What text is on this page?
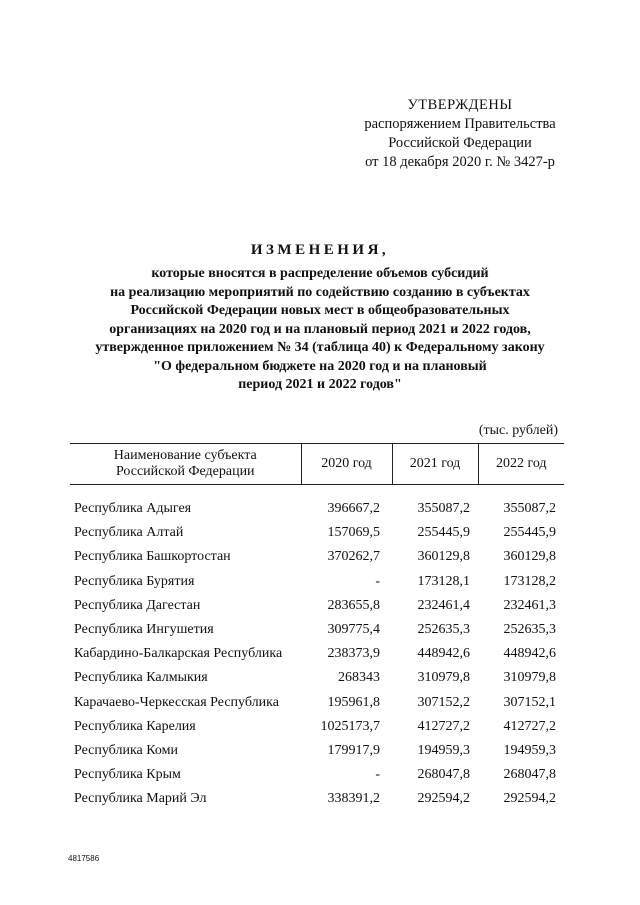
УТВЕРЖДЕНЫ
распоряжением Правительства
Российской Федерации
от 18 декабря 2020 г. № 3427-р
ИЗМЕНЕНИЯ,
которые вносятся в распределение объемов субсидий
на реализацию мероприятий по содействию созданию в субъектах
Российской Федерации новых мест в общеобразовательных
организациях на 2020 год и на плановый период 2021 и 2022 годов,
утвержденное приложением № 34 (таблица 40) к Федеральному закону
"О федеральном бюджете на 2020 год и на плановый
период 2021 и 2022 годов"
(тыс. рублей)
Наименование субъекта
Российской Федерации	2020 год	2021 год	2022 год

Республика Адыгея	396667,2	355087,2	355087,2
Республика Алтай	157069,5	255445,9	255445,9
Республика Башкортостан	370262,7	360129,8	360129,8
Республика Бурятия	-	173128,1	173128,2
Республика Дагестан	283655,8	232461,4	232461,3
Республика Ингушетия	309775,4	252635,3	252635,3
Кабардино-Балкарская Республика	238373,9	448942,6	448942,6
Республика Калмыкия	268343	310979,8	310979,8
Карачаево-Черкесская Республика	195961,8	307152,2	307152,1
Республика Карелия	1025173,7	412727,2	412727,2
Республика Коми	179917,9	194959,3	194959,3
Республика Крым	-	268047,8	268047,8
Республика Марий Эл	338391,2	292594,2	292594,2
4817586
